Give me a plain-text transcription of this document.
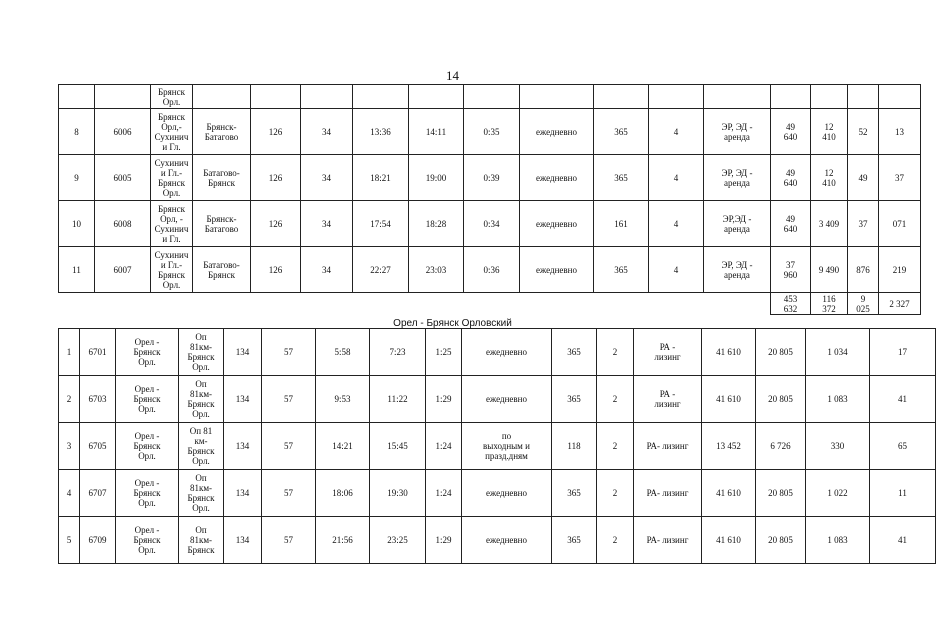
14
		Брянск
Орл.														
8	6006	Брянск
Орл,-
Сухинич
и Гл.	Брянск-
Батагово	126	34	13:36	14:11	0:35	ежедневно	365	4	ЭР, ЭД -
аренда	49
640	12
410	52	13
9	6005	Сухинич
и Гл.-
Брянск
Орл.	Батагово-
Брянск	126	34	18:21	19:00	0:39	ежедневно	365	4	ЭР, ЭД -
аренда	49
640	12
410	49	37
10	6008	Брянск
Орл, -
Сухинич
и Гл.	Брянск-
Батагово	126	34	17:54	18:28	0:34	ежедневно	161	4	ЭР,ЭД -
аренда	49
640	3 409	37	071
11	6007	Сухинич
и Гл.-
Брянск
Орл.	Батагово-
Брянск	126	34	22:27	23:03	0:36	ежедневно	365	4	ЭР, ЭД -
аренда	37
960	9 490	876	219
													453
632	116
372	9
025	2 327
Орел - Брянск Орловский
1	6701	Орел -
Брянск
Орл.	Оп
81км-
Брянск
Орл.	134	57	5:58	7:23	1:25	ежедневно	365	2	РА -
лизинг	41 610	20 805	1 034	17
2	6703	Орел -
Брянск
Орл.	Оп
81км-
Брянск
Орл.	134	57	9:53	11:22	1:29	ежедневно	365	2	РА -
лизинг	41 610	20 805	1 083	41
3	6705	Орел -
Брянск
Орл.	Оп 81
км-
Брянск
Орл.	134	57	14:21	15:45	1:24	по
выходным и
празд.дням	118	2	РА- лизинг	13 452	6 726	330	65
4	6707	Орел -
Брянск
Орл.	Оп
81км-
Брянск
Орл.	134	57	18:06	19:30	1:24	ежедневно	365	2	РА- лизинг	41 610	20 805	1 022	11
5	6709	Орел -
Брянск
Орл.	Оп
81км-
Брянск	134	57	21:56	23:25	1:29	ежедневно	365	2	РА- лизинг	41 610	20 805	1 083	41
